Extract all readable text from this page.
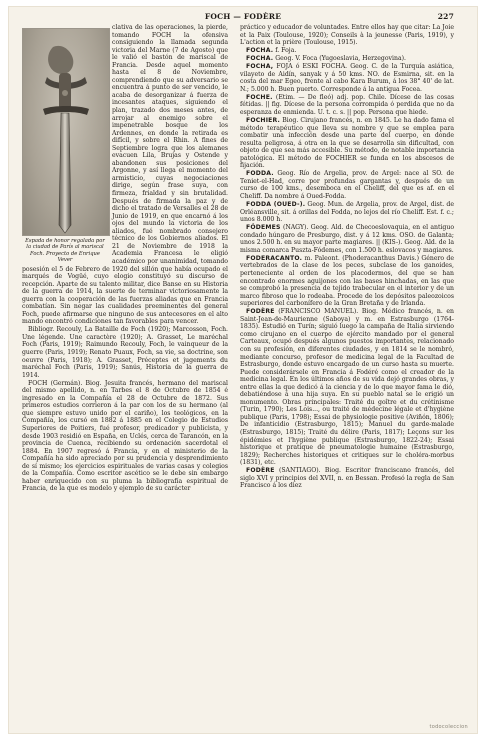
FOCH — FODÈRE	227
Espada de honor regalada por la ciudad de París al mariscal Foch. Proyecto de Enrique Vever

clativa de las operaciones, la pierde, tomando FOCH la ofensiva consiguiendo la llamada segunda victoria del Marne (7 de Agosto) que le valió el bastón de mariscal de Francia. Desde aquel momento hasta el 8 de Noviembre, comprendiendo que su adversario se encuentra á punto de ser vencido, le acaba de desorganizar á fuerza de incesantes ataques, siguiendo el plan, trazado dos meses antes, de arrojar al enemigo sobre el impenetrable bosque de los Ardennes, en donde la retirada es difícil, y sobre el Rhin. A fines de Septiembre logra que los alemanes evacuen Lila, Brujas y Ostende y abandonen sus posiciones del Argonne, y así llega el momento del armisticio, cuyas negociaciones dirige, según frase suya, con firmeza, frialdad y sin brutalidad. Después de firmada la paz y de dicho el tratado de Versalles el 28 de Junio de 1919, en que encarnó á los ojos del mundo la victoria de los aliados, fué nombrado consejero técnico de los Gobiernos aliados. El 21 de Noviembre de 1918 la Academia Francesa le eligió académico por unanimidad, tomando posesión el 5 de Febrero de 1920 del sillón que había ocupado el marqués de Vogüé, cuyo elogio constituyó su discurso de recepción. Aparte de su talento militar, dice Banse en su Historia de la guerra de 1914, la suerte de terminar victoriosamente la guerra con la cooperación de las fuerzas aliadas que en Francia combatían. Sin negar las cualidades preeminentes del general Foch, puede afirmarse que ninguno de sus antecesores en el alto mando encontró condiciones tan favorables para vencer.

Bibliogr. Recouly, La Bataille de Foch (1920); Marcosson, Foch. Une légende. Une caractère (1920); A. Grasset, Le maréchal Foch (Paris, 1919); Raimundo Recouly, Foch, le vainqueur de la guerre (Paris, 1919); Renato Puaux, Foch, sa vie, sa doctrine, son oeuvre (Paris, 1918); A. Grasset, Préceptes et jugements du maréchal Foch (Paris, 1919); Sanús, Historia de la guerra de 1914.

FOCH (Germán). Biog. Jesuita francés, hermano del mariscal del mismo apellido, n. en Tarbes el 8 de Octubre de 1854 é ingresado en la Compañía el 28 de Octubre de 1872. Sus primeros estudios corrieron á la par con los de su hermano (al que siempre estuvo unido por el cariño), los teológicos, en la Compañía, los cursó en 1882 á 1885 en el Colegio de Estudios Superiores de Poitiers, fué profesor, predicador y publicista, y desde 1903 residió en España, en Uclés, cerca de Tarancón, en la provincia de Cuenca, recibiendo su ordenación sacerdotal el 1884. En 1907 regresó á Francia, y en el ministerio de la Compañía ha sido apreciado por su prudencia y desprendimiento de sí mismo; los ejercicios espirituales de varias casas y colegios de la Compañía. Como escritor ascético se le debe sin embargo haber enriquecido con su pluma la bibliografía espiritual de Francia, de la que es modelo y ejemplo de su carácter

práctico y educador de voluntades. Entre ellos hay que citar: La Joie et la Paix (Toulouse, 1920); Conseils à la jeunesse (Paris, 1919), y L'action et la prière (Toulouse, 1915).

FOCHA. f. Foja.

FOCHA. Geog. V. Foca (Yugoeslavia, Herzegovina).

FOCHA, FOJA ó ESKI FOCHA. Geog. C. de la Turquía asiática, vilayeto de Aidín, sanyak y á 50 kms. NO. de Esmirna, sit. en la costa del mar Egeo, frente al cabo Kara Burum, á los 38° 40' de lat. N.; 5.000 h. Buen puerto. Corresponde á la antigua Focea.

FOCHE. (Etim. — De fleó) adj. pop. Chile. Dícese de las cosas fétidas. || fig. Dícese de la persona corrompida ó perdida que no da esperanza de enmienda. U. t. c. s. || pop. Persona que hiede.

FOCHIER. Biog. Cirujano francés, n. en 1845. Le ha dado fama el método terapéutico que lleva su nombre y que se emplea para combatir una infección desde una parte del cuerpo, en donde resulta peligrosa, á otra en la que se desarrolla sin dificultad, con objeto de que sea más accesible. Su método, de notable importancia patológica. El método de FOCHIER se funda en los abscesos de fijación.

FODDA. Geog. Río de Argelia, prov. de Argel: nace al SO. de Teniet-el-Had, corre por profundas gargantas y, después de un curso de 100 kms., desemboca en el Cheliff, del que es af. en el Cheliff. Da nombre á Oued-Fodda.

FODDA (OUED-). Geog. Mun. de Argelia, prov. de Argel, dist. de Orléansville, sit. á orillas del Fodda, no lejos del río Cheliff. Est. f. c.; unos 8.000 h.

FÓDEMES (NAGY). Geog. Ald. de Checoeslovaquia, en el antiguo condado húngaro de Presburgo, dist. y á 12 kms. OSO. de Galanta; unos 2.500 h. en su mayor parte magiares. || (KIS-). Geog. Ald. de la misma comarca Puszta-Fódemes, con 1.500 h. eslovacos y magiares.

FODERACANTO. m. Paleont. (Phoderacanthus Davis.) Género de vertebrados de la clase de los peces, subclase de los ganoides, perteneciente al orden de los placodermos, del que se han encontrado enormes aguijones con las bases hinchadas, en las que se comprobó la presencia de tejido trabecular en el interior y de un marco fibroso que lo rodeaba. Procede de los depósitos paleozoicos superiores del carbonífero de la Gran Bretaña y de Irlanda.

FODÈRE (FRANCISCO MANUEL). Biog. Médico francés, n. en Saint-Jean-de-Maurienne (Saboya) y m. en Estrasburgo (1764-1835). Estudió en Turín; siguió luego la campaña de Italia sirviendo como cirujano en el cuerpo de ejército mandado por el general Carteaux, ocupó después algunos puestos importantes, relacionado con su profesión, en diferentes ciudades, y en 1814 se le nombró, mediante concurso, profesor de medicina legal de la Facultad de Estrasburgo, donde estuvo encargado de un curso hasta su muerte. Puede considerársele en Francia á Fodéré como el creador de la medicina legal. En los últimos años de su vida dejó grandes obras, y entre ellas la que dedicó á la ciencia y de lo que mayor fama le dió, debatiéndose á una hija suya. En su pueblo natal se le erigió un monumento. Obras principales: Traité du goître et du crétinisme (Turin, 1790); Les Lois..., ou traité de médecine légale et d'hygiène publique (Paris, 1798); Essai de physiologie positive (Aviñón, 1806); De infanticidio (Estrasburgo, 1815); Manuel du garde-malade (Estrasburgo, 1815); Traité du délire (Paris, 1817); Leçons sur les épidémies et l'hygiène publique (Estrasburgo, 1822-24); Essai historique et pratique de pneumatologie humaine (Estrasburgo, 1829); Recherches historiques et critiques sur le choléra-morbus (1831), etc.

FODÈRE (SANTIAGO). Biog. Escritor franciscano francés, del siglo XVI y principios del XVII, n. en Bessan. Profesó la regla de San Francisco á los diez

todocoleccion
